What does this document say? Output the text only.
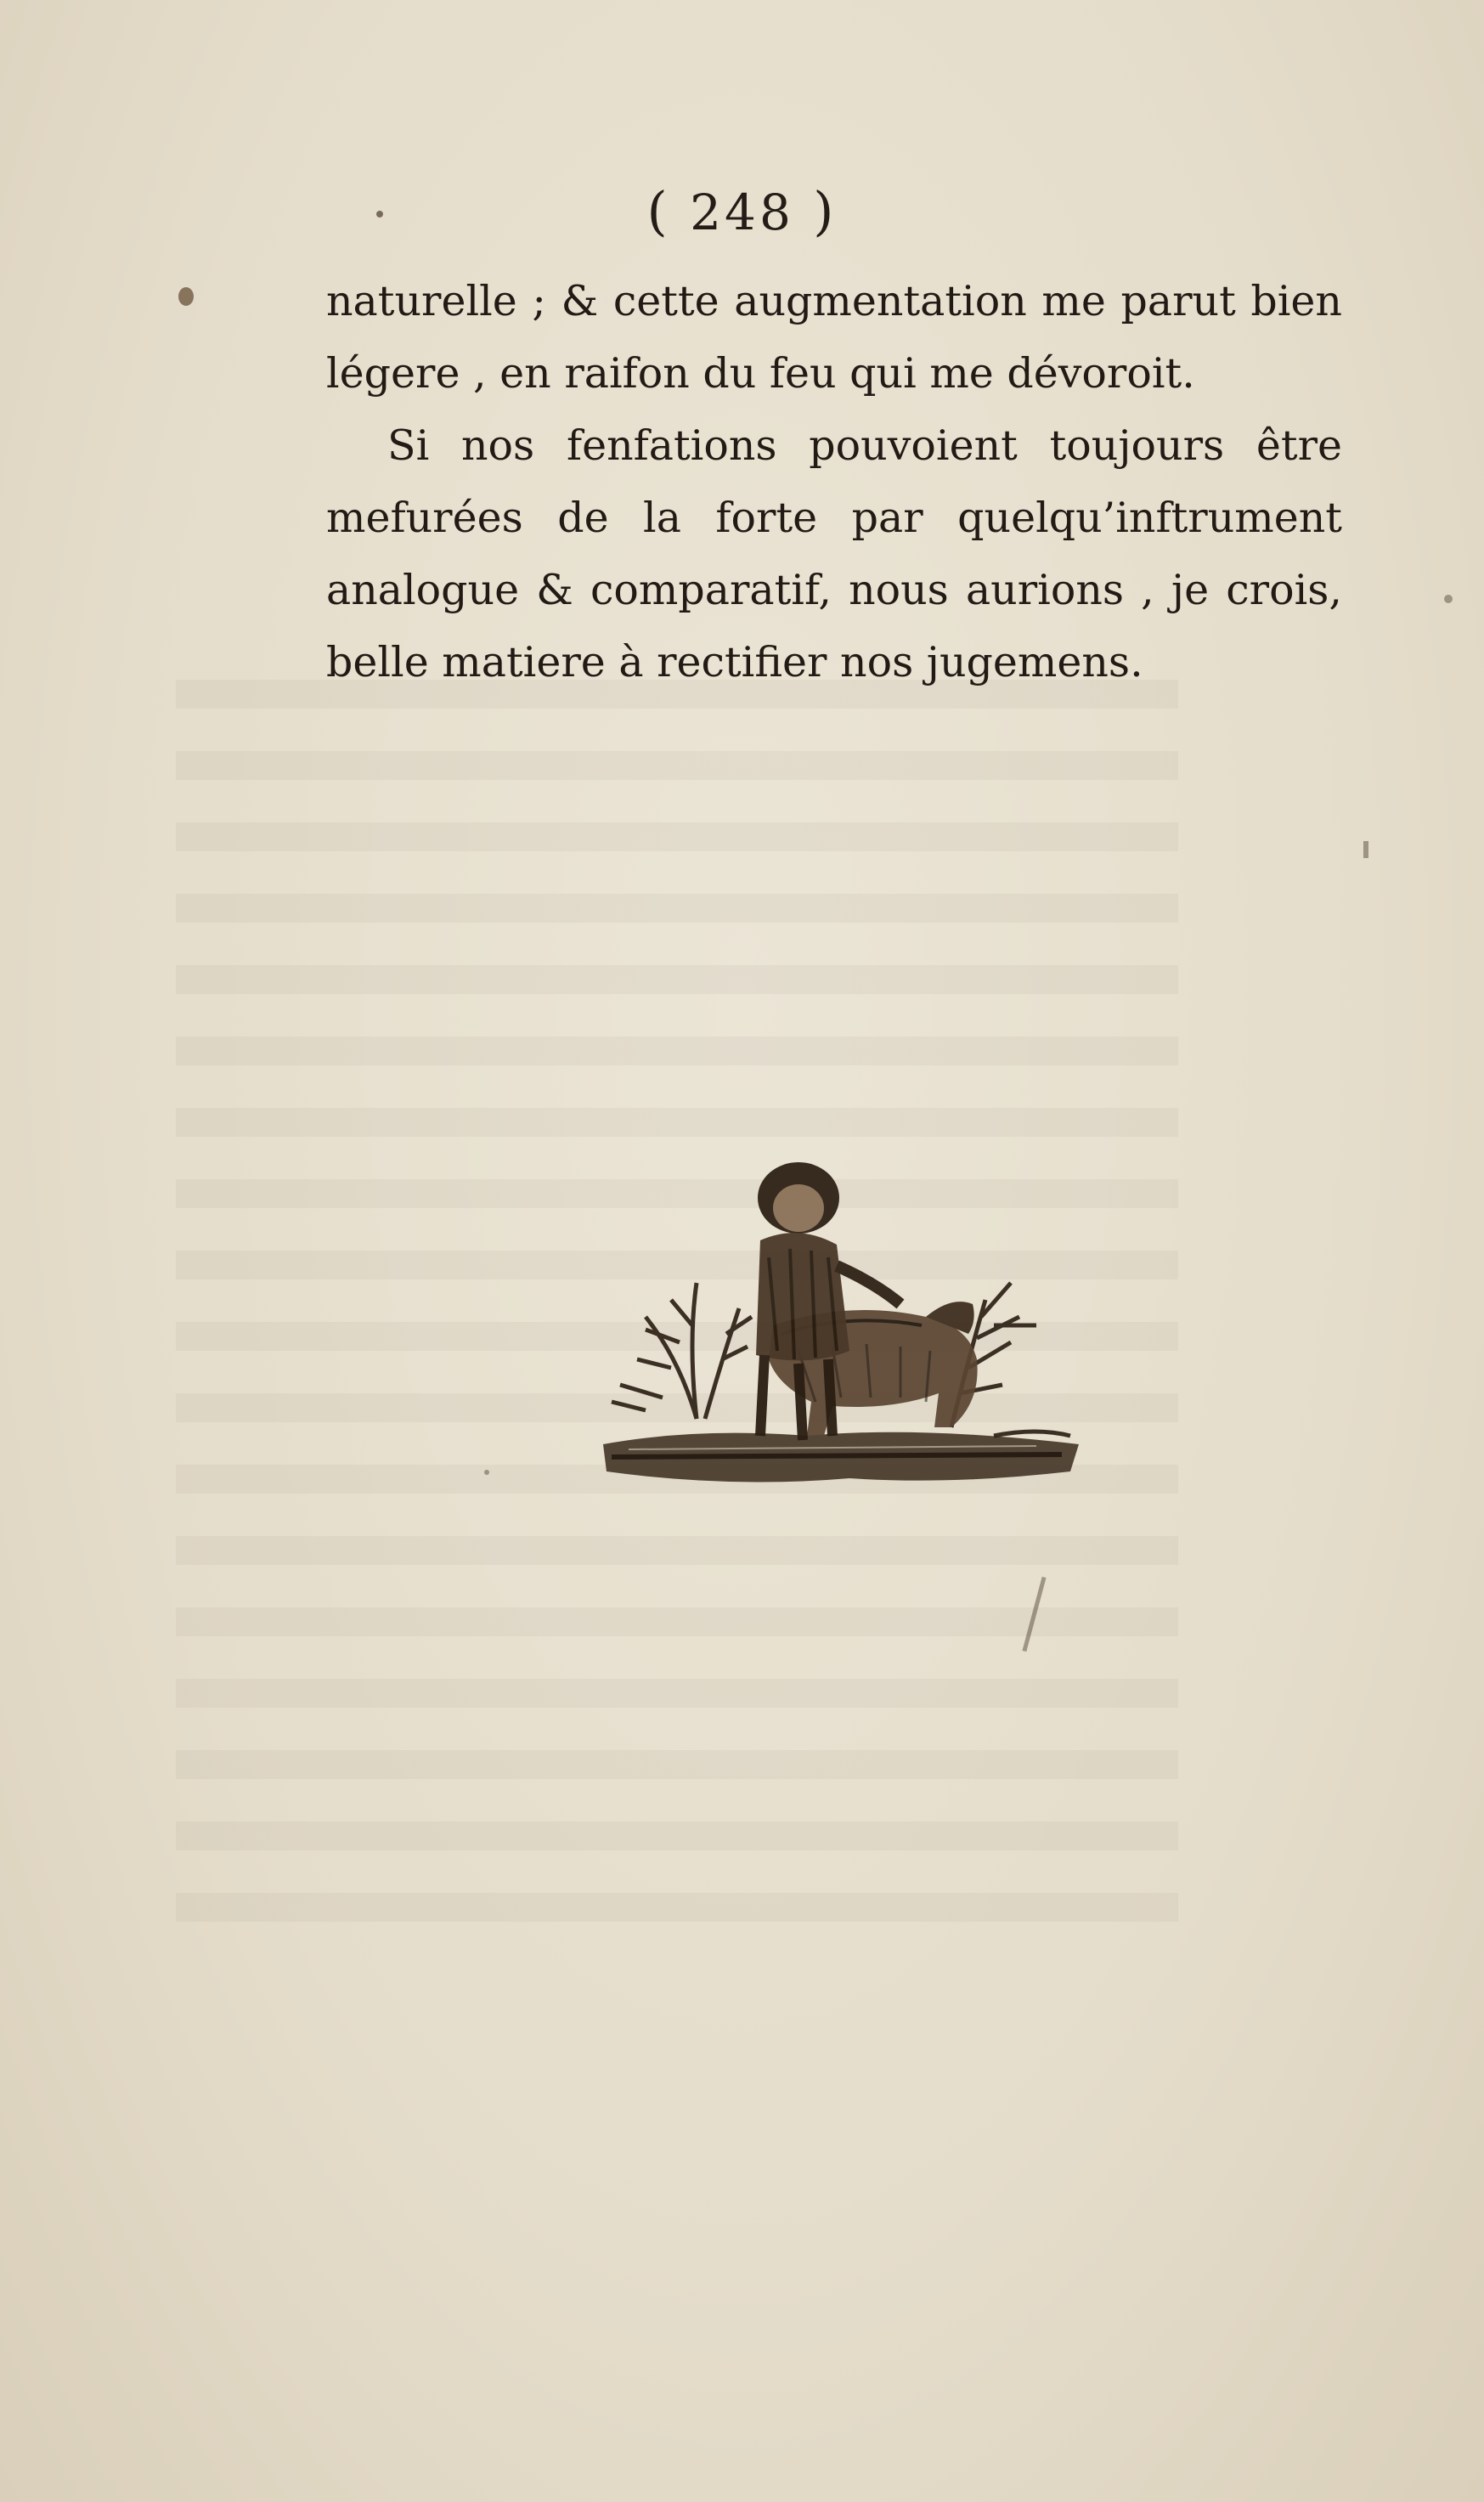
( 248 )
naturelle ; & cette augmentation me parut bien
légere , en raifon du feu qui me dévoroit.
Si nos fenfations pouvoient toujours être
mefurées de la forte par quelqu’inftrument
analogue & comparatif, nous aurions , je crois,
belle matiere à rectifier nos jugemens.
